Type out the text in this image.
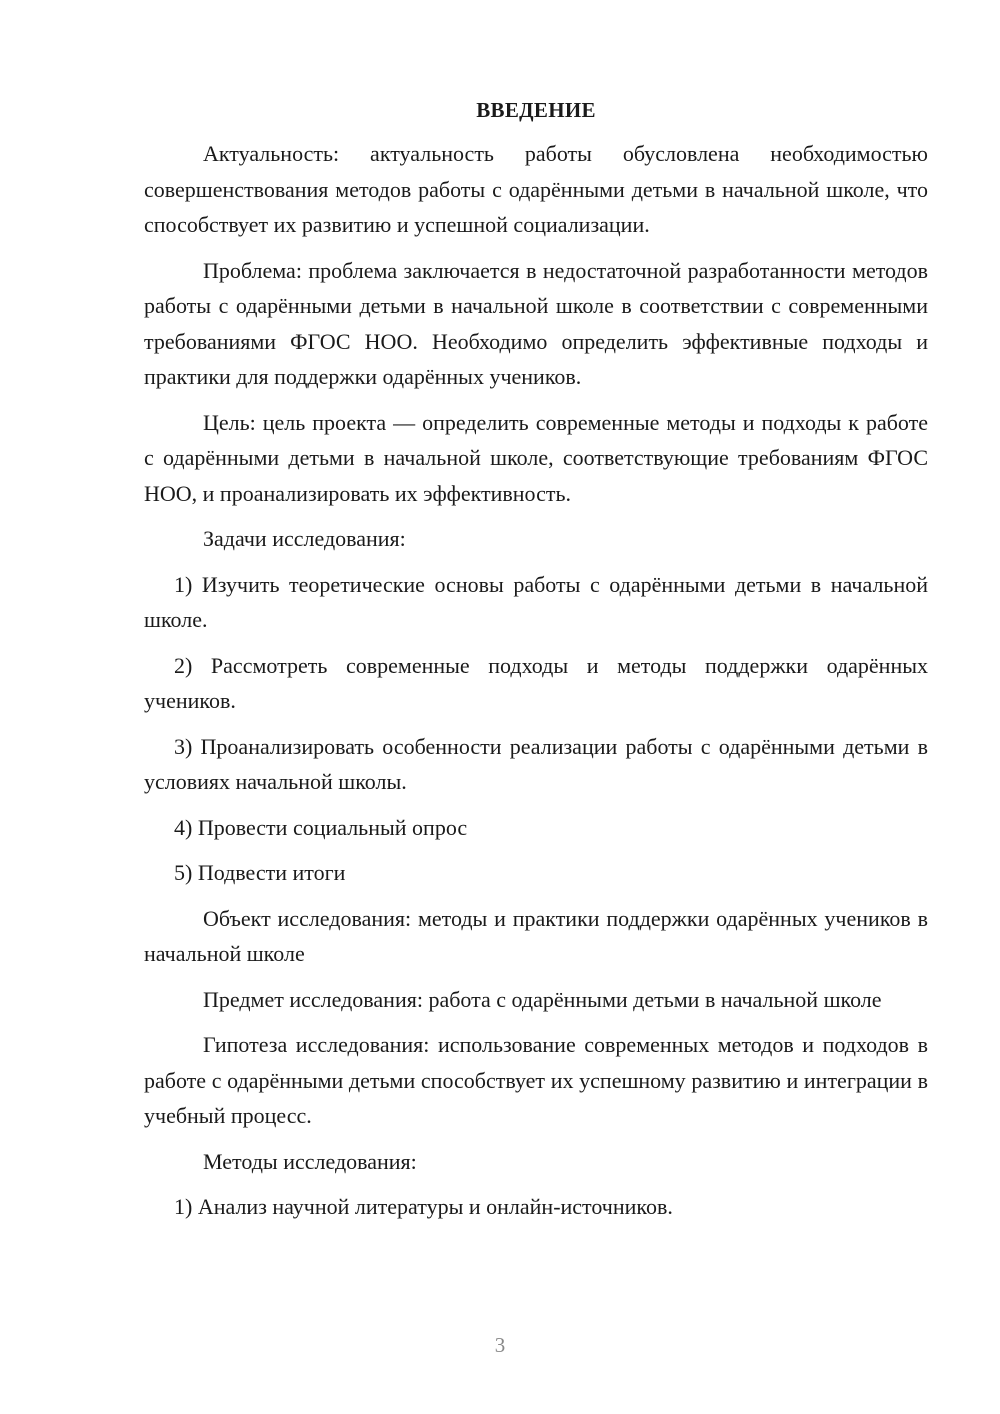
ВВЕДЕНИЕ

Актуальность: актуальность работы обусловлена необходимостью совершенствования методов работы с одарёнными детьми в начальной школе, что способствует их развитию и успешной социализации.

Проблема: проблема заключается в недостаточной разработанности методов работы с одарёнными детьми в начальной школе в соответствии с современными требованиями ФГОС НОО. Необходимо определить эффективные подходы и практики для поддержки одарённых учеников.

Цель: цель проекта — определить современные методы и подходы к работе с одарёнными детьми в начальной школе, соответствующие требованиям ФГОС НОО, и проанализировать их эффективность.

Задачи исследования:

1) Изучить теоретические основы работы с одарёнными детьми в начальной школе.

2) Рассмотреть современные подходы и методы поддержки одарённых учеников.

3) Проанализировать особенности реализации работы с одарёнными детьми в условиях начальной школы.

4) Провести социальный опрос

5) Подвести итоги

Объект исследования: методы и практики поддержки одарённых учеников в начальной школе

Предмет исследования: работа с одарёнными детьми в начальной школе

Гипотеза исследования: использование современных методов и подходов в работе с одарёнными детьми способствует их успешному развитию и интеграции в учебный процесс.

Методы исследования:

1) Анализ научной литературы и онлайн-источников.

3
